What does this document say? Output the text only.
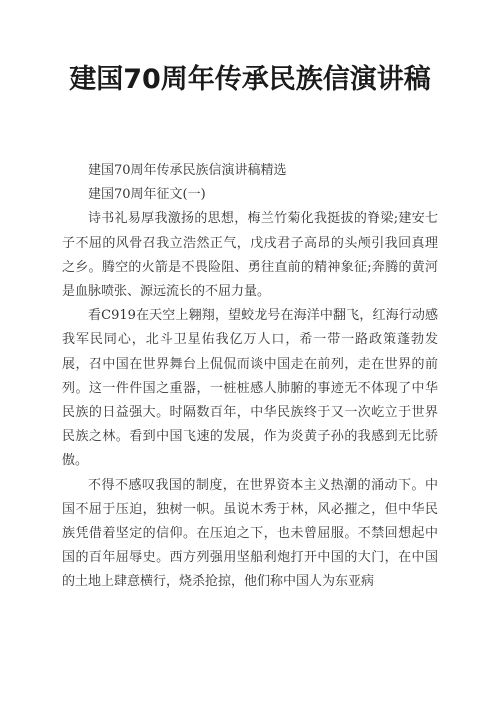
建国70周年传承民族信演讲稿

建国70周年传承民族信演讲稿精选

建国70周年征文(一)

诗书礼易厚我激扬的思想，梅兰竹菊化我挺拔的脊梁;建安七子不屈的风骨召我立浩然正气，戊戌君子高昂的头颅引我回真理之乡。腾空的火箭是不畏险阻、勇往直前的精神象征;奔腾的黄河是血脉喷张、源远流长的不屈力量。

看C919在天空上翱翔，望蛟龙号在海洋中翻飞，红海行动感我军民同心，北斗卫星佑我亿万人口，希一带一路政策蓬勃发展，召中国在世界舞台上侃侃而谈中国走在前列，走在世界的前列。这一件件国之重器，一桩桩感人肺腑的事迹无不体现了中华民族的日益强大。时隔数百年，中华民族终于又一次屹立于世界民族之林。看到中国飞速的发展，作为炎黄子孙的我感到无比骄傲。

不得不感叹我国的制度，在世界资本主义热潮的涌动下。中国不屈于压迫，独树一帜。虽说木秀于林，风必摧之，但中华民族凭借着坚定的信仰。在压迫之下，也未曾屈服。不禁回想起中国的百年屈辱史。西方列强用坚船利炮打开中国的大门，在中国的土地上肆意横行，烧杀抢掠，他们称中国人为东亚病
